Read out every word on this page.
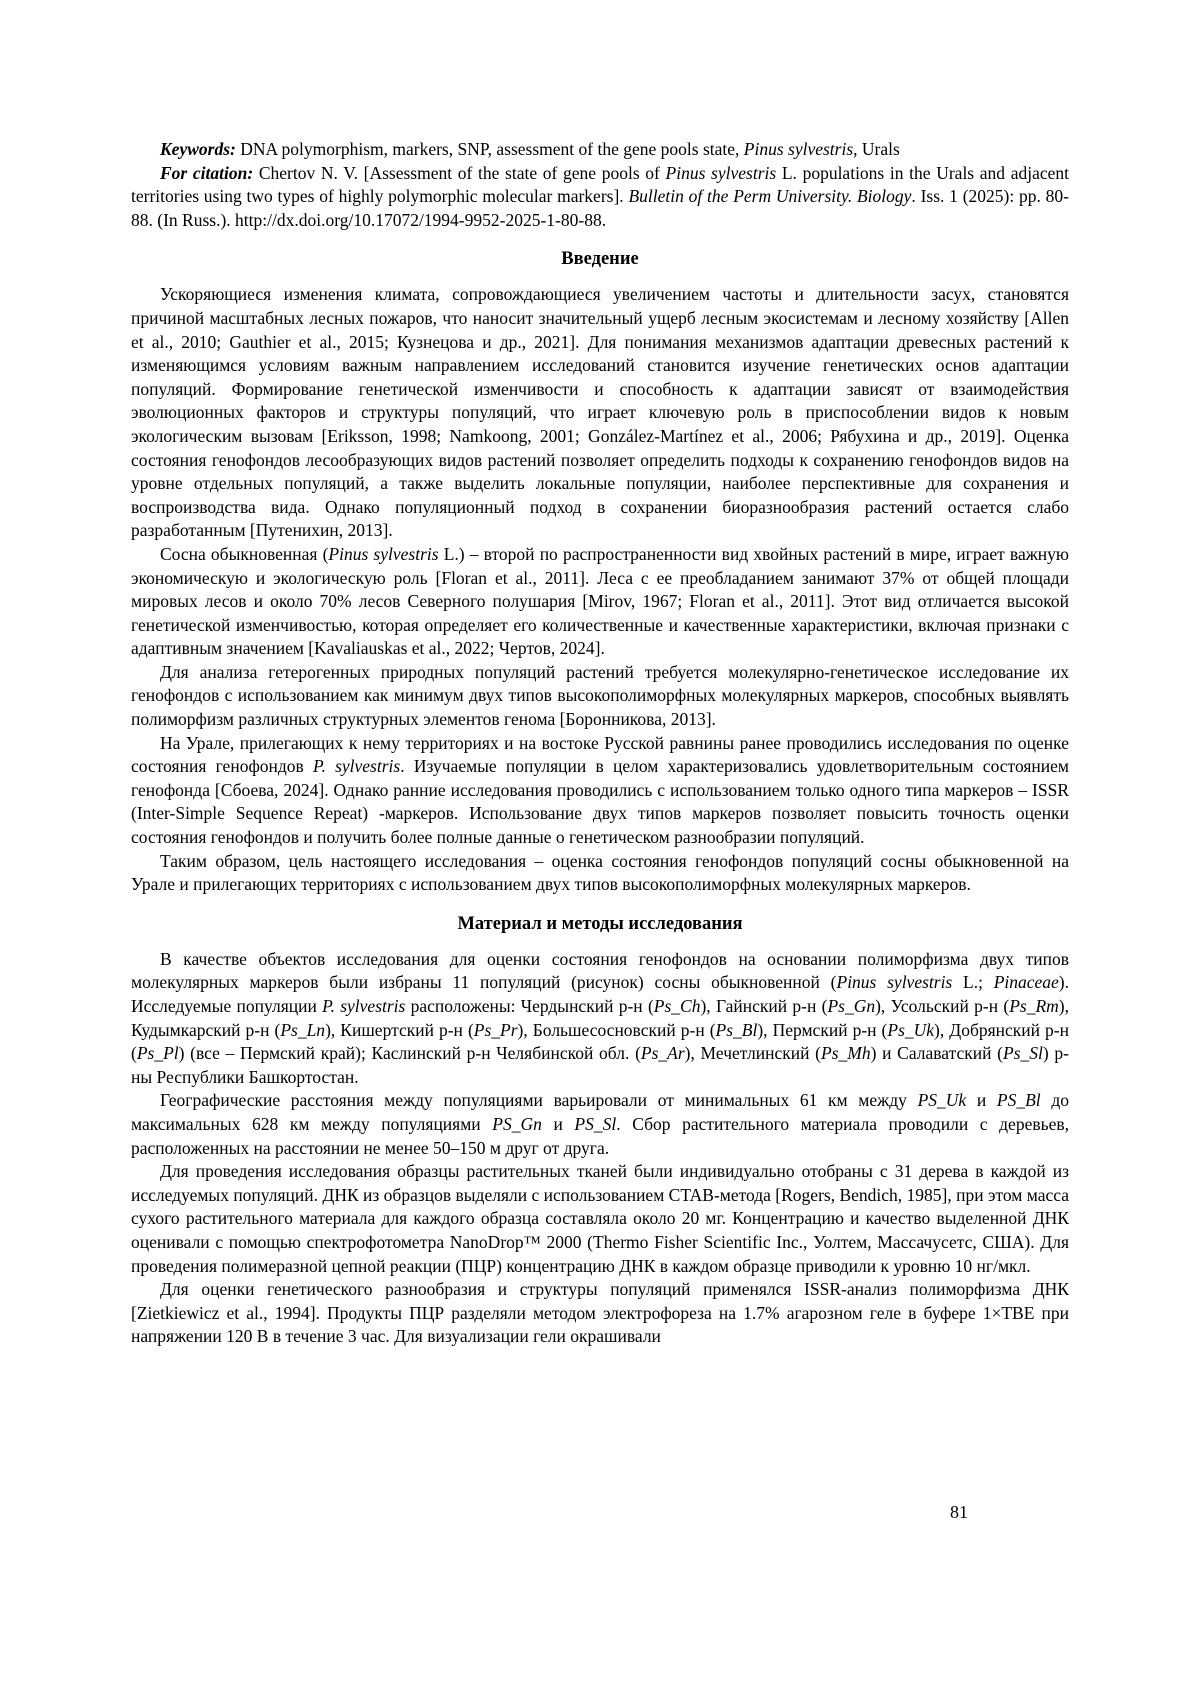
Keywords: DNA polymorphism, markers, SNP, assessment of the gene pools state, Pinus sylvestris, Urals

For citation: Chertov N. V. [Assessment of the state of gene pools of Pinus sylvestris L. populations in the Urals and adjacent territories using two types of highly polymorphic molecular markers]. Bulletin of the Perm University. Biology. Iss. 1 (2025): pp. 80-88. (In Russ.). http://dx.doi.org/10.17072/1994-9952-2025-1-80-88.

Введение

Ускоряющиеся изменения климата, сопровождающиеся увеличением частоты и длительности засух, становятся причиной масштабных лесных пожаров, что наносит значительный ущерб лесным экосистемам и лесному хозяйству [Allen et al., 2010; Gauthier et al., 2015; Кузнецова и др., 2021]. Для понимания механизмов адаптации древесных растений к изменяющимся условиям важным направлением исследований становится изучение генетических основ адаптации популяций. Формирование генетической изменчивости и способность к адаптации зависят от взаимодействия эволюционных факторов и структуры популяций, что играет ключевую роль в приспособлении видов к новым экологическим вызовам [Eriksson, 1998; Namkoong, 2001; González-Martínez et al., 2006; Рябухина и др., 2019]. Оценка состояния генофондов лесообразующих видов растений позволяет определить подходы к сохранению генофондов видов на уровне отдельных популяций, а также выделить локальные популяции, наиболее перспективные для сохранения и воспроизводства вида. Однако популяционный подход в сохранении биоразнообразия растений остается слабо разработанным [Путенихин, 2013].

Сосна обыкновенная (Pinus sylvestris L.) – второй по распространенности вид хвойных растений в мире, играет важную экономическую и экологическую роль [Floran et al., 2011]. Леса с ее преобладанием занимают 37% от общей площади мировых лесов и около 70% лесов Северного полушария [Mirov, 1967; Floran et al., 2011]. Этот вид отличается высокой генетической изменчивостью, которая определяет его количественные и качественные характеристики, включая признаки с адаптивным значением [Kavaliauskas et al., 2022; Чертов, 2024].

Для анализа гетерогенных природных популяций растений требуется молекулярно-генетическое исследование их генофондов с использованием как минимум двух типов высокополиморфных молекулярных маркеров, способных выявлять полиморфизм различных структурных элементов генома [Боронникова, 2013].

На Урале, прилегающих к нему территориях и на востоке Русской равнины ранее проводились исследования по оценке состояния генофондов P. sylvestris. Изучаемые популяции в целом характеризовались удовлетворительным состоянием генофонда [Сбоева, 2024]. Однако ранние исследования проводились с использованием только одного типа маркеров – ISSR (Inter-Simple Sequence Repeat) -маркеров. Использование двух типов маркеров позволяет повысить точность оценки состояния генофондов и получить более полные данные о генетическом разнообразии популяций.

Таким образом, цель настоящего исследования – оценка состояния генофондов популяций сосны обыкновенной на Урале и прилегающих территориях с использованием двух типов высокополиморфных молекулярных маркеров.

Материал и методы исследования

В качестве объектов исследования для оценки состояния генофондов на основании полиморфизма двух типов молекулярных маркеров были избраны 11 популяций (рисунок) сосны обыкновенной (Pinus sylvestris L.; Pinaceae). Исследуемые популяции P. sylvestris расположены: Чердынский р-н (Ps_Ch), Гайнский р-н (Ps_Gn), Усольский р-н (Ps_Rm), Кудымкарский р-н (Ps_Ln), Кишертский р-н (Ps_Pr), Большесосновский р-н (Ps_Bl), Пермский р-н (Ps_Uk), Добрянский р-н (Ps_Pl) (все – Пермский край); Каслинский р-н Челябинской обл. (Ps_Ar), Мечетлинский (Ps_Mh) и Салаватский (Ps_Sl) р-ны Республики Башкортостан.

Географические расстояния между популяциями варьировали от минимальных 61 км между PS_Uk и PS_Bl до максимальных 628 км между популяциями PS_Gn и PS_Sl. Сбор растительного материала проводили с деревьев, расположенных на расстоянии не менее 50–150 м друг от друга.

Для проведения исследования образцы растительных тканей были индивидуально отобраны с 31 дерева в каждой из исследуемых популяций. ДНК из образцов выделяли с использованием CTAB-метода [Rogers, Bendich, 1985], при этом масса сухого растительного материала для каждого образца составляла около 20 мг. Концентрацию и качество выделенной ДНК оценивали с помощью спектрофотометра NanoDrop™ 2000 (Thermo Fisher Scientific Inc., Уолтем, Массачусетс, США). Для проведения полимеразной цепной реакции (ПЦР) концентрацию ДНК в каждом образце приводили к уровню 10 нг/мкл.

Для оценки генетического разнообразия и структуры популяций применялся ISSR-анализ полиморфизма ДНК [Zietkiewicz et al., 1994]. Продукты ПЦР разделяли методом электрофореза на 1.7% агарозном геле в буфере 1×TBE при напряжении 120 В в течение 3 час. Для визуализации гели окрашивали

81
